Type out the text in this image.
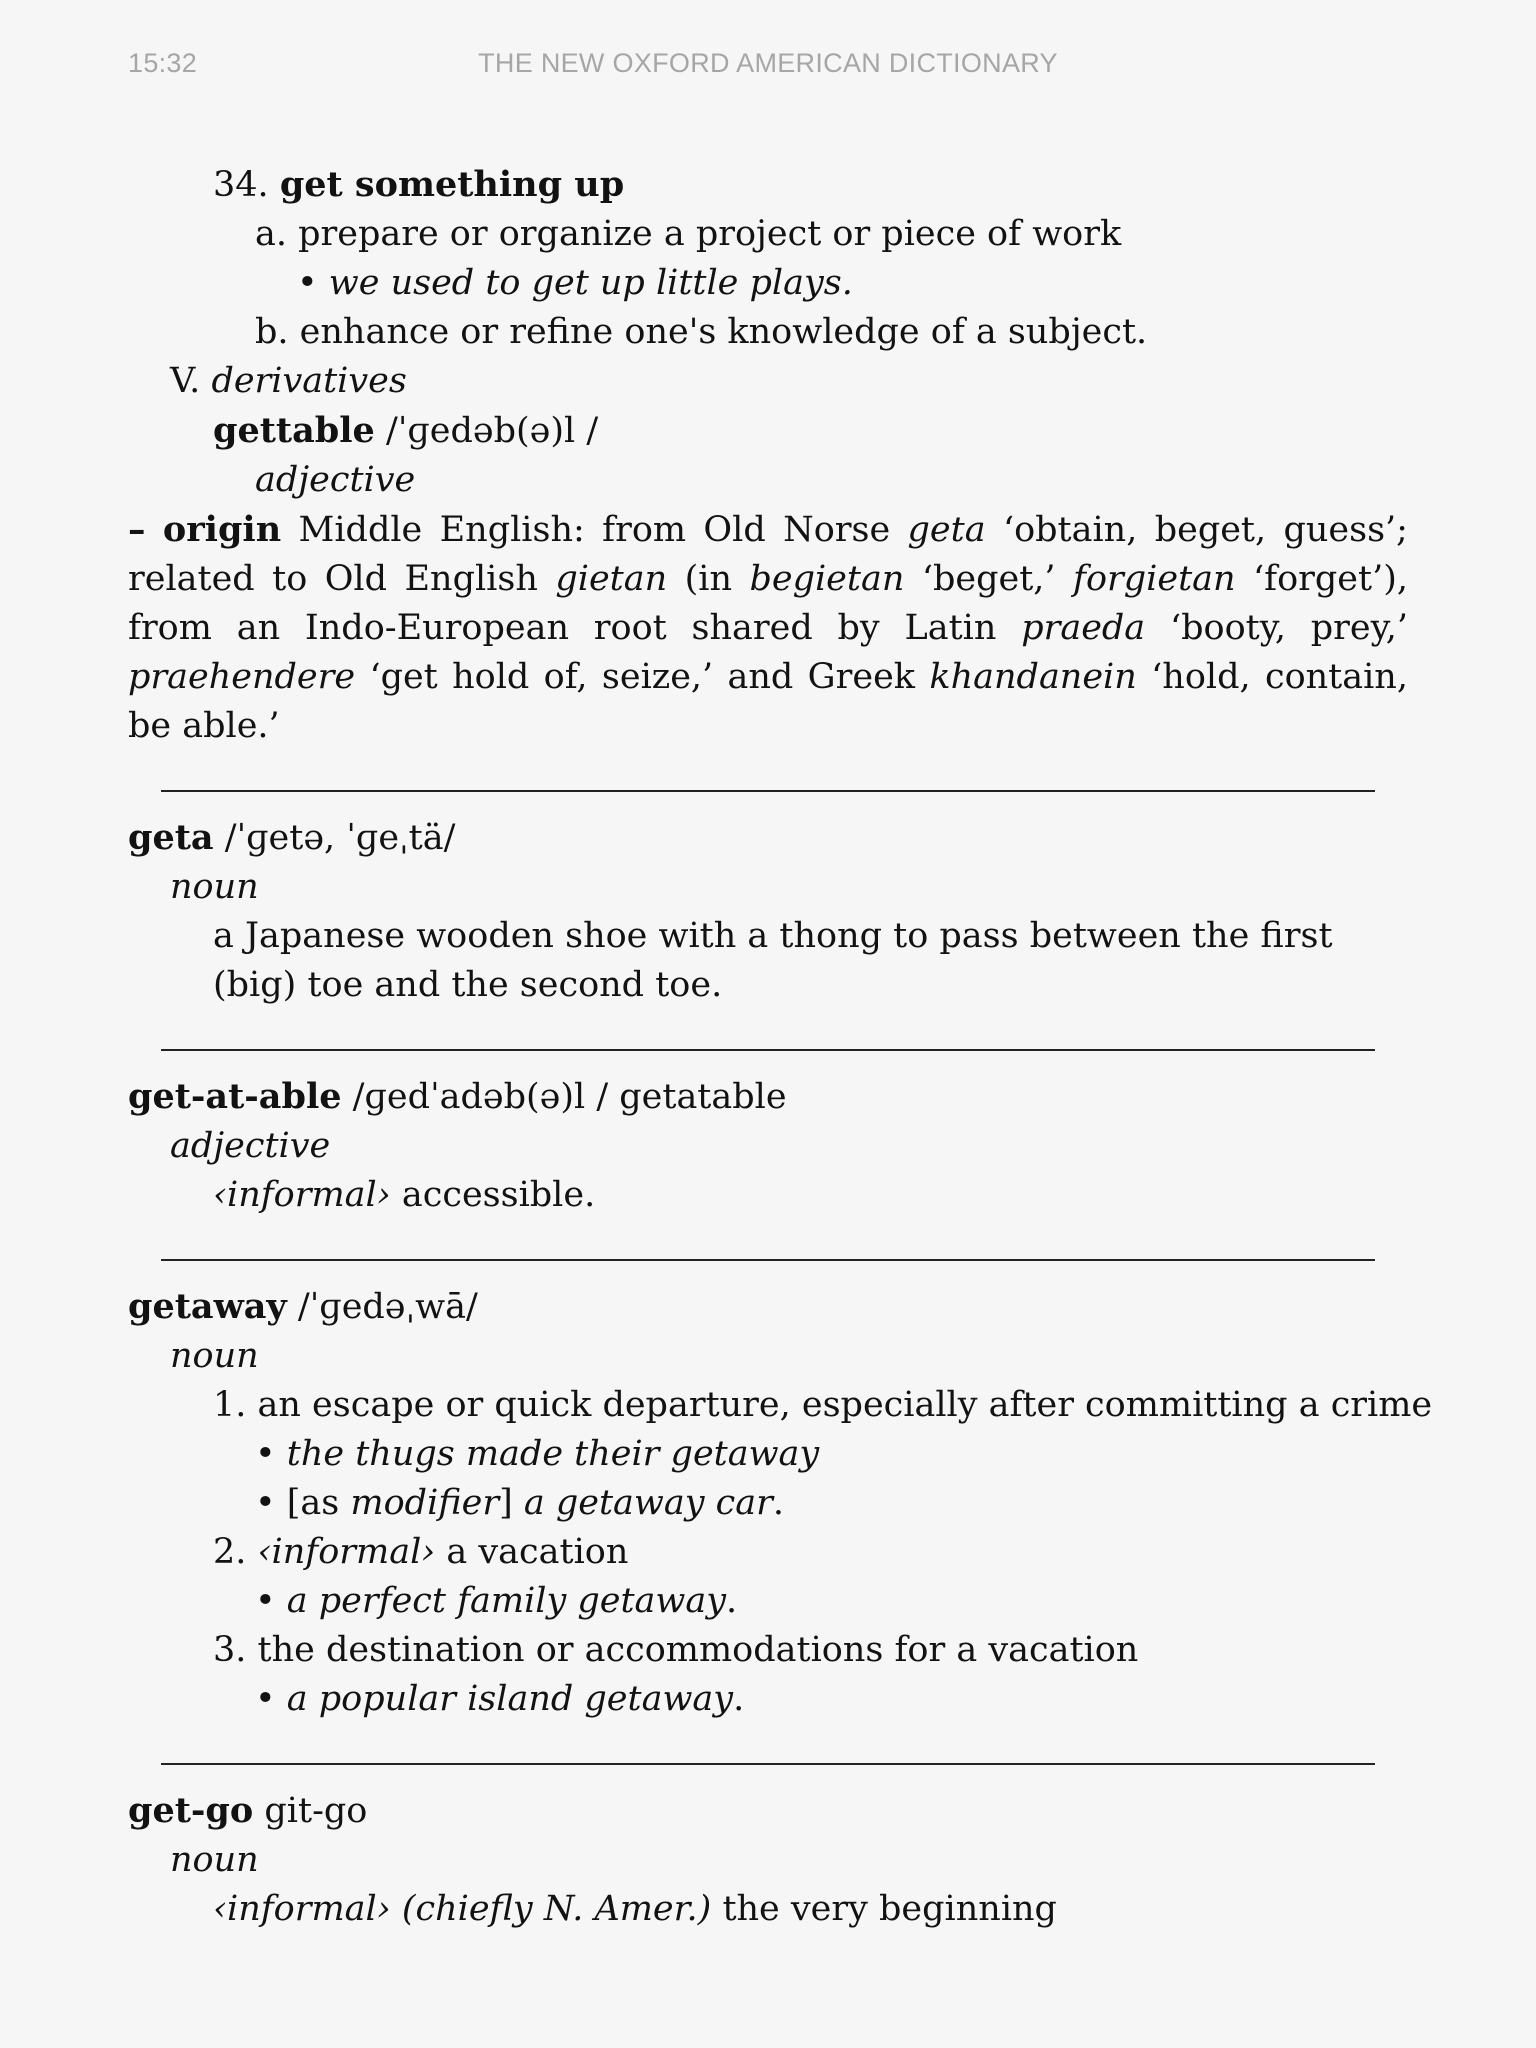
15:32	THE NEW OXFORD AMERICAN DICTIONARY
34. get something up
a. prepare or organize a project or piece of work
• we used to get up little plays.
b. enhance or refine one's knowledge of a subject.
V. derivatives
gettable /ˈɡedəb(ə)l /
adjective
– origin Middle English: from Old Norse geta ‘obtain, beget, guess’; related to Old English gietan (in begietan ‘beget,’ forgietan ‘forget’), from an Indo-European root shared by Latin praeda ‘booty, prey,’ praehendere ‘get hold of, seize,’ and Greek khandanein ‘hold, contain, be able.’
geta /ˈɡetə, ˈɡeˌtä/
noun
a Japanese wooden shoe with a thong to pass between the first (big) toe and the second toe.
get-at-able /ɡedˈadəb(ə)l / getatable
adjective
‹informal› accessible.
getaway /ˈɡedəˌwā/
noun
1. an escape or quick departure, especially after committing a crime
• the thugs made their getaway
• [as modifier] a getaway car.
2. ‹informal› a vacation
• a perfect family getaway.
3. the destination or accommodations for a vacation
• a popular island getaway.
get-go git-go
noun
‹informal› (chiefly N. Amer.) the very beginning
